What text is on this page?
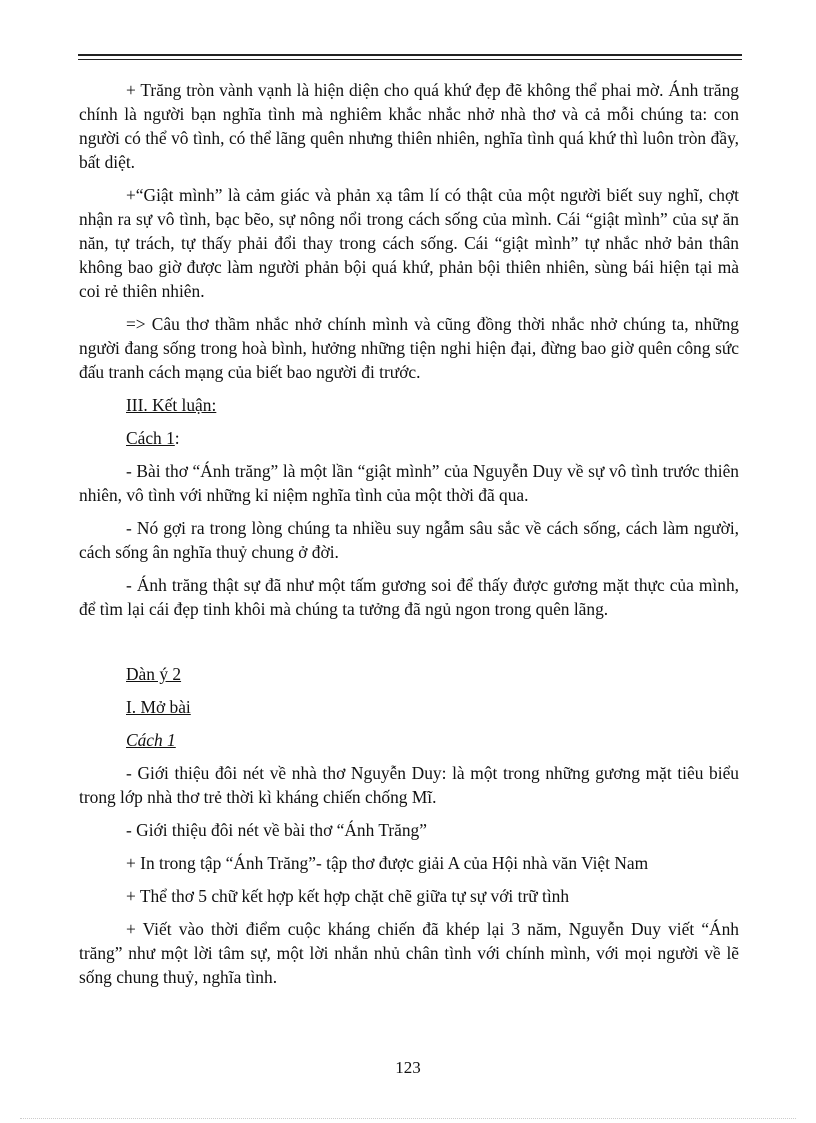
+ Trăng tròn vành vạnh là hiện diện cho quá khứ đẹp đẽ không thể phai mờ. Ánh trăng chính là người bạn nghĩa tình mà nghiêm khắc nhắc nhở nhà thơ và cả mỗi chúng ta: con người có thể vô tình, có thể lãng quên nhưng thiên nhiên, nghĩa tình quá khứ thì luôn tròn đầy, bất diệt.

+“Giật mình” là cảm giác và phản xạ tâm lí có thật của một người biết suy nghĩ, chợt nhận ra sự vô tình, bạc bẽo, sự nông nổi trong cách sống của mình. Cái “giật mình” của sự ăn năn, tự trách, tự thấy phải đổi thay trong cách sống. Cái “giật mình” tự nhắc nhở bản thân không bao giờ được làm người phản bội quá khứ, phản bội thiên nhiên, sùng bái hiện tại mà coi rẻ thiên nhiên.

=> Câu thơ thầm nhắc nhở chính mình và cũng đồng thời nhắc nhở chúng ta, những người đang sống trong hoà bình, hưởng những tiện nghi hiện đại, đừng bao giờ quên công sức đấu tranh cách mạng của biết bao người đi trước.

III. Kết luận:

Cách 1:

- Bài thơ “Ánh trăng” là một lần “giật mình” của Nguyễn Duy về sự vô tình trước thiên nhiên, vô tình với những kỉ niệm nghĩa tình của một thời đã qua.

- Nó gợi ra trong lòng chúng ta nhiều suy ngẫm sâu sắc về cách sống, cách làm người, cách sống ân nghĩa thuỷ chung ở đời.

- Ánh trăng thật sự đã như một tấm gương soi để thấy được gương mặt thực của mình, để tìm lại cái đẹp tinh khôi mà chúng ta tưởng đã ngủ ngon trong quên lãng.

Dàn ý 2

I. Mở bài

Cách 1

- Giới thiệu đôi nét về nhà thơ Nguyễn Duy: là một trong những gương mặt tiêu biểu trong lớp nhà thơ trẻ thời kì kháng chiến chống Mĩ.

- Giới thiệu đôi nét về bài thơ “Ánh Trăng”

+ In trong tập “Ánh Trăng”- tập thơ được giải A của Hội nhà văn Việt Nam

+ Thể thơ 5 chữ kết hợp kết hợp chặt chẽ giữa tự sự với trữ tình

+ Viết vào thời điểm cuộc kháng chiến đã khép lại 3 năm, Nguyễn Duy viết “Ánh trăng” như một lời tâm sự, một lời nhắn nhủ chân tình với chính mình, với mọi người về lẽ sống chung thuỷ, nghĩa tình.

123
